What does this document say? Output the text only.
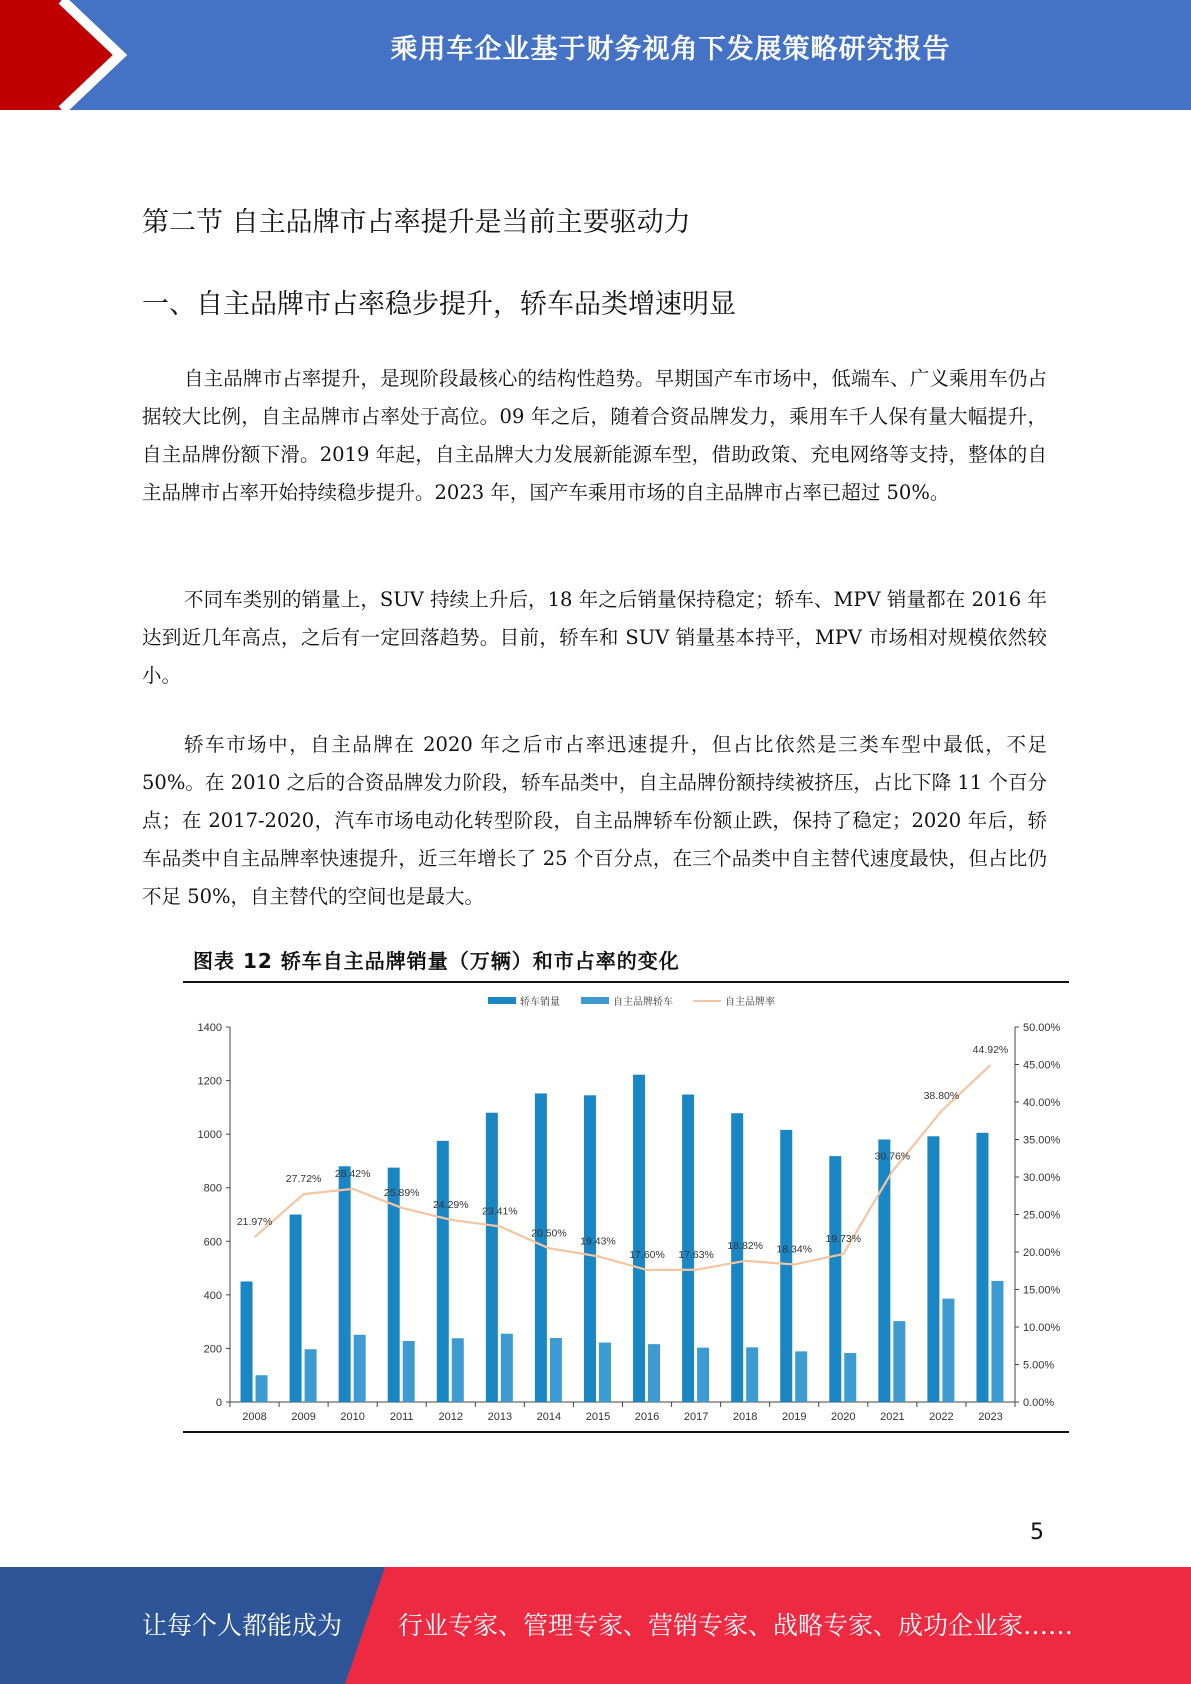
乘用车企业基于财务视角下发展策略研究报告
第二节 自主品牌市占率提升是当前主要驱动力
一、自主品牌市占率稳步提升，轿车品类增速明显

自主品牌市占率提升，是现阶段最核心的结构性趋势。早期国产车市场中，低端车、广义乘用车仍占据较大比例，自主品牌市占率处于高位。09 年之后，随着合资品牌发力，乘用车千人保有量大幅提升，自主品牌份额下滑。2019 年起，自主品牌大力发展新能源车型，借助政策、充电网络等支持，整体的自主品牌市占率开始持续稳步提升。2023 年，国产车乘用市场的自主品牌市占率已超过 50%。

不同车类别的销量上，SUV 持续上升后，18 年之后销量保持稳定；轿车、MPV 销量都在 2016 年达到近几年高点，之后有一定回落趋势。目前，轿车和 SUV 销量基本持平，MPV 市场相对规模依然较小。

轿车市场中，自主品牌在 2020 年之后市占率迅速提升，但占比依然是三类车型中最低，不足 50%。在 2010 之后的合资品牌发力阶段，轿车品类中，自主品牌份额持续被挤压，占比下降 11 个百分点；在 2017-2020，汽车市场电动化转型阶段，自主品牌轿车份额止跌，保持了稳定；2020 年后，轿车品类中自主品牌率快速提升，近三年增长了 25 个百分点，在三个品类中自主替代速度最快，但占比仍不足 50%，自主替代的空间也是最大。

图表 12 轿车自主品牌销量（万辆）和市占率的变化
0
200
400
600
800
1000
1200
1400
0.00%
5.00%
10.00%
15.00%
20.00%
25.00%
30.00%
35.00%
40.00%
45.00%
50.00%
2008 2009 2010 2011 2012 2013 2014 2015 2016 2017 2018 2019 2020 2021 2022 2023
21.97%
27.72% 28.42%
25.89%
24.29%
23.41%
20.50%
19.43%
17.60% 17.63%
18.82% 18.34%
19.73%
30.76%
38.80%
44.92%
轿车销量	自主品牌轿车	自主品牌率
5
让每个人都能成为 行业专家、管理专家、营销专家、战略专家、成功企业家……
